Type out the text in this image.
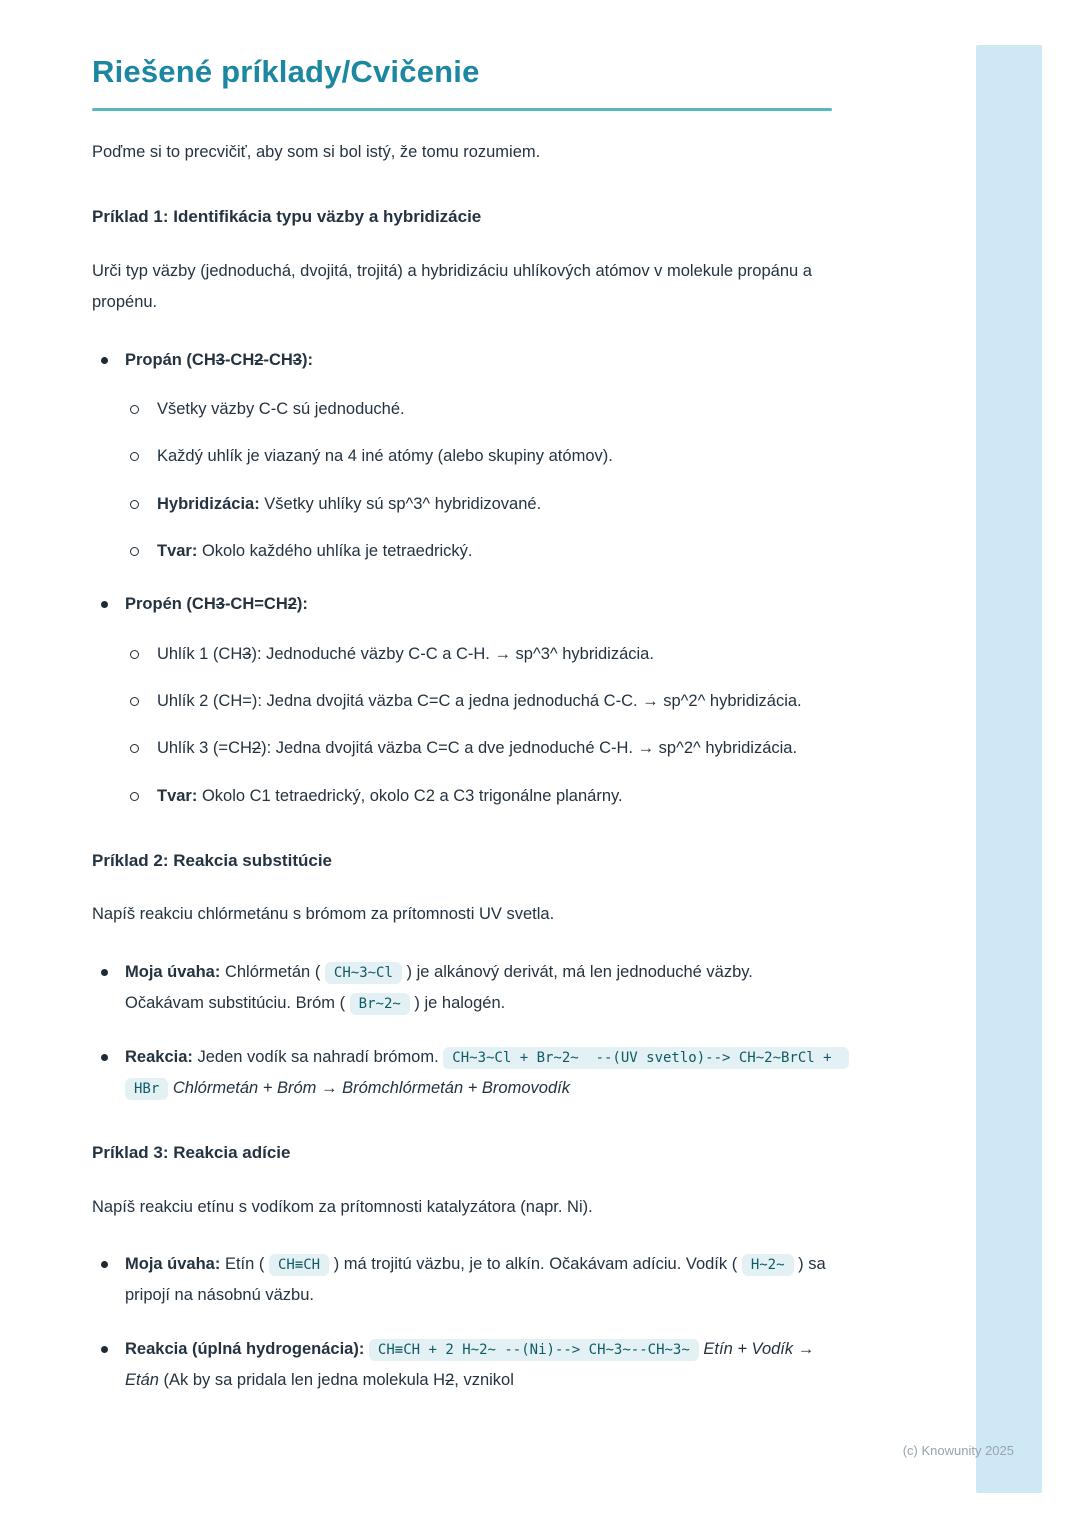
Riešené príklady/Cvičenie

Poďme si to precvičiť, aby som si bol istý, že tomu rozumiem.

Príklad 1: Identifikácia typu väzby a hybridizácie

Urči typ väzby (jednoduchá, dvojitá, trojitá) a hybridizáciu uhlíkových atómov v molekule propánu a propénu.

Propán (CH3-CH2-CH3):
Všetky väzby C-C sú jednoduché.
Každý uhlík je viazaný na 4 iné atómy (alebo skupiny atómov).
Hybridizácia: Všetky uhlíky sú sp^3^ hybridizované.
Tvar: Okolo každého uhlíka je tetraedrický.
Propén (CH3-CH=CH2):
Uhlík 1 (CH3): Jednoduché väzby C-C a C-H. → sp^3^ hybridizácia.
Uhlík 2 (CH=): Jedna dvojitá väzba C=C a jedna jednoduchá C-C. → sp^2^ hybridizácia.
Uhlík 3 (=CH2): Jedna dvojitá väzba C=C a dve jednoduché C-H. → sp^2^ hybridizácia.
Tvar: Okolo C1 tetraedrický, okolo C2 a C3 trigonálne planárny.
Príklad 2: Reakcia substitúcie

Napíš reakciu chlórmetánu s brómom za prítomnosti UV svetla.

Moja úvaha: Chlórmetán ( CH~3~Cl ) je alkánový derivát, má len jednoduché väzby. Očakávam substitúciu. Bróm ( Br~2~ ) je halogén.
Reakcia: Jeden vodík sa nahradí brómom. CH~3~Cl + Br~2~  --(UV svetlo)--> CH~2~BrCl + HBr Chlórmetán + Bróm → Brómchlórmetán + Bromovodík
Príklad 3: Reakcia adície

Napíš reakciu etínu s vodíkom za prítomnosti katalyzátora (napr. Ni).

Moja úvaha: Etín ( CH≡CH ) má trojitú väzbu, je to alkín. Očakávam adíciu. Vodík ( H~2~ ) sa pripojí na násobnú väzbu.
Reakcia (úplná hydrogenácia): CH≡CH + 2 H~2~ --(Ni)--> CH~3~--CH~3~ Etín + Vodík → Etán (Ak by sa pridala len jedna molekula H2, vznikol
(c) Knowunity 2025
